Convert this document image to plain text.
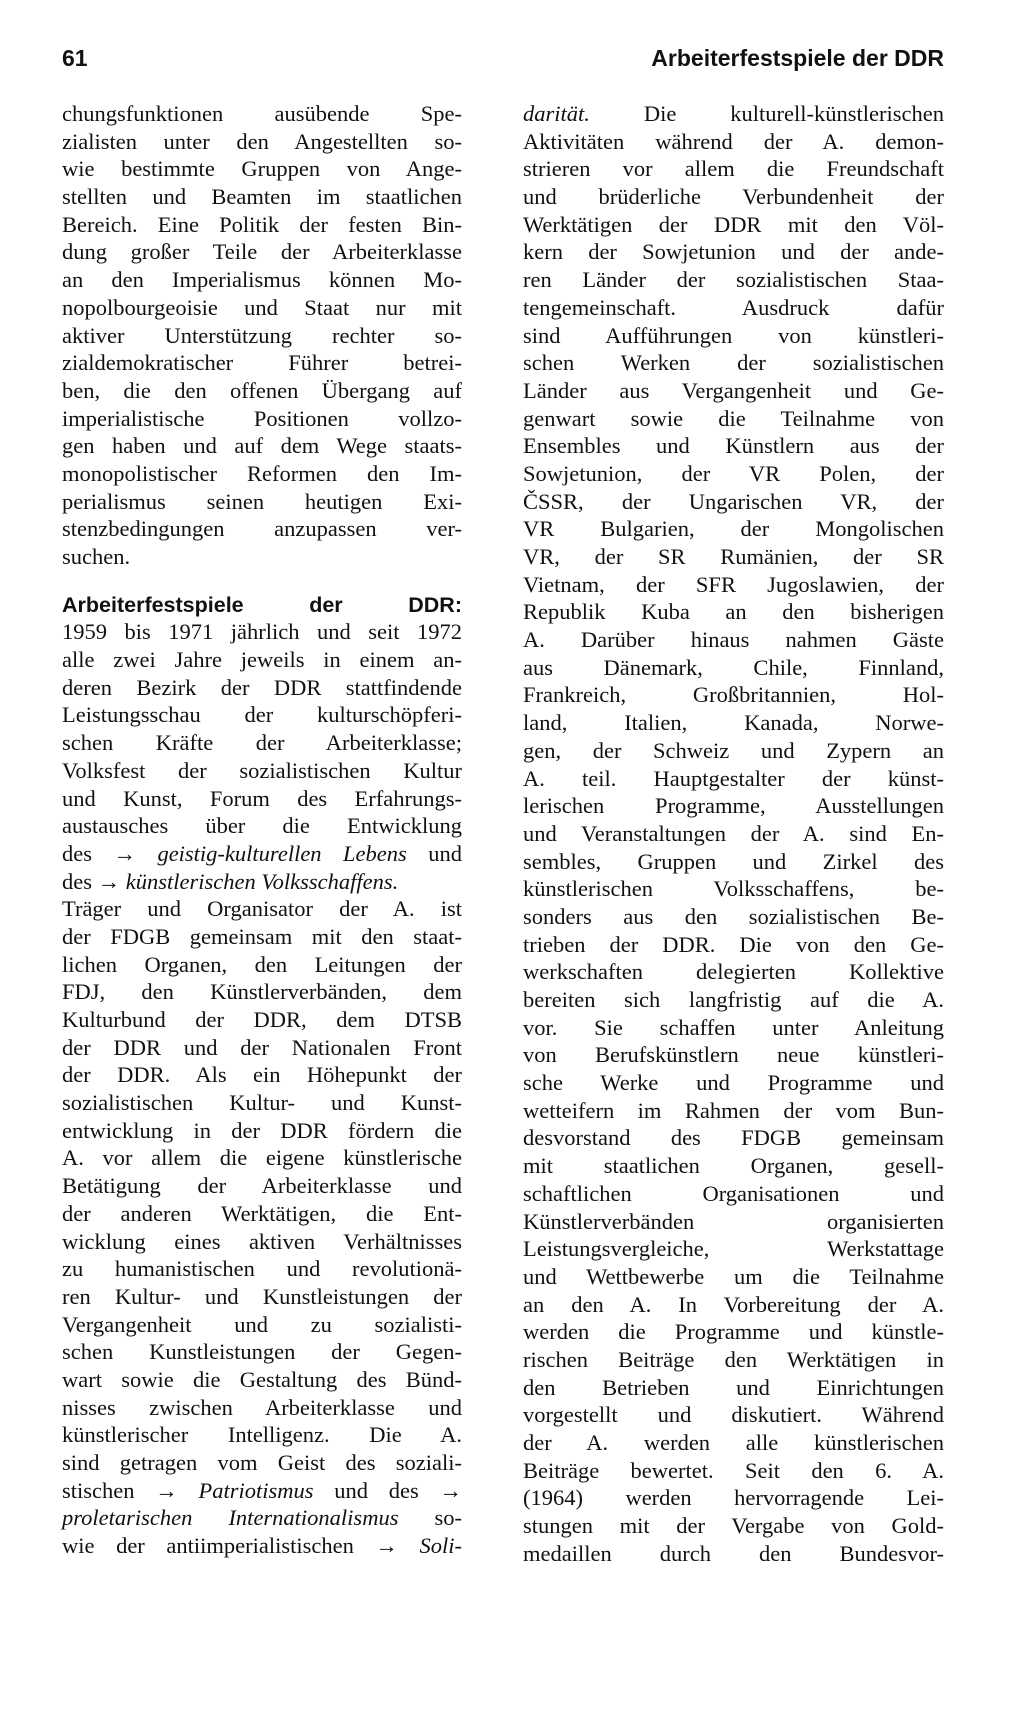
61	Arbeiterfestspiele der DDR
chungsfunktionen ausübende Spe-
zialisten unter den Angestellten so-
wie bestimmte Gruppen von Ange-
stellten und Beamten im staatlichen
Bereich. Eine Politik der festen Bin-
dung großer Teile der Arbeiterklasse
an den Imperialismus können Mo-
nopolbourgeoisie und Staat nur mit
aktiver Unterstützung rechter so-
zialdemokratischer Führer betrei-
ben, die den offenen Übergang auf
imperialistische Positionen vollzo-
gen haben und auf dem Wege staats-
monopolistischer Reformen den Im-
perialismus seinen heutigen Exi-
stenzbedingungen anzupassen ver-
suchen.
Arbeiterfestspiele der DDR:
1959 bis 1971 jährlich und seit 1972
alle zwei Jahre jeweils in einem an-
deren Bezirk der DDR stattfindende
Leistungsschau der kulturschöpferi-
schen Kräfte der Arbeiterklasse;
Volksfest der sozialistischen Kultur
und Kunst, Forum des Erfahrungs-
austausches über die Entwicklung
des → geistig-kulturellen Lebens und
des → künstlerischen Volksschaffens.
Träger und Organisator der A. ist
der FDGB gemeinsam mit den staat-
lichen Organen, den Leitungen der
FDJ, den Künstlerverbänden, dem
Kulturbund der DDR, dem DTSB
der DDR und der Nationalen Front
der DDR. Als ein Höhepunkt der
sozialistischen Kultur- und Kunst-
entwicklung in der DDR fördern die
A. vor allem die eigene künstlerische
Betätigung der Arbeiterklasse und
der anderen Werktätigen, die Ent-
wicklung eines aktiven Verhältnisses
zu humanistischen und revolutionä-
ren Kultur- und Kunstleistungen der
Vergangenheit und zu sozialisti-
schen Kunstleistungen der Gegen-
wart sowie die Gestaltung des Bünd-
nisses zwischen Arbeiterklasse und
künstlerischer Intelligenz. Die A.
sind getragen vom Geist des soziali-
stischen → Patriotismus und des →
proletarischen Internationalismus so-
wie der antiimperialistischen → Soli-
darität. Die kulturell-künstlerischen
Aktivitäten während der A. demon-
strieren vor allem die Freundschaft
und brüderliche Verbundenheit der
Werktätigen der DDR mit den Völ-
kern der Sowjetunion und der ande-
ren Länder der sozialistischen Staa-
tengemeinschaft. Ausdruck dafür
sind Aufführungen von künstleri-
schen Werken der sozialistischen
Länder aus Vergangenheit und Ge-
genwart sowie die Teilnahme von
Ensembles und Künstlern aus der
Sowjetunion, der VR Polen, der
ČSSR, der Ungarischen VR, der
VR Bulgarien, der Mongolischen
VR, der SR Rumänien, der SR
Vietnam, der SFR Jugoslawien, der
Republik Kuba an den bisherigen
A. Darüber hinaus nahmen Gäste
aus Dänemark, Chile, Finnland,
Frankreich, Großbritannien, Hol-
land, Italien, Kanada, Norwe-
gen, der Schweiz und Zypern an
A. teil. Hauptgestalter der künst-
lerischen Programme, Ausstellungen
und Veranstaltungen der A. sind En-
sembles, Gruppen und Zirkel des
künstlerischen Volksschaffens, be-
sonders aus den sozialistischen Be-
trieben der DDR. Die von den Ge-
werkschaften delegierten Kollektive
bereiten sich langfristig auf die A.
vor. Sie schaffen unter Anleitung
von Berufskünstlern neue künstleri-
sche Werke und Programme und
wetteifern im Rahmen der vom Bun-
desvorstand des FDGB gemeinsam
mit staatlichen Organen, gesell-
schaftlichen Organisationen und
Künstlerverbänden organisierten
Leistungsvergleiche, Werkstattage
und Wettbewerbe um die Teilnahme
an den A. In Vorbereitung der A.
werden die Programme und künstle-
rischen Beiträge den Werktätigen in
den Betrieben und Einrichtungen
vorgestellt und diskutiert. Während
der A. werden alle künstlerischen
Beiträge bewertet. Seit den 6. A.
(1964) werden hervorragende Lei-
stungen mit der Vergabe von Gold-
medaillen durch den Bundesvor-
